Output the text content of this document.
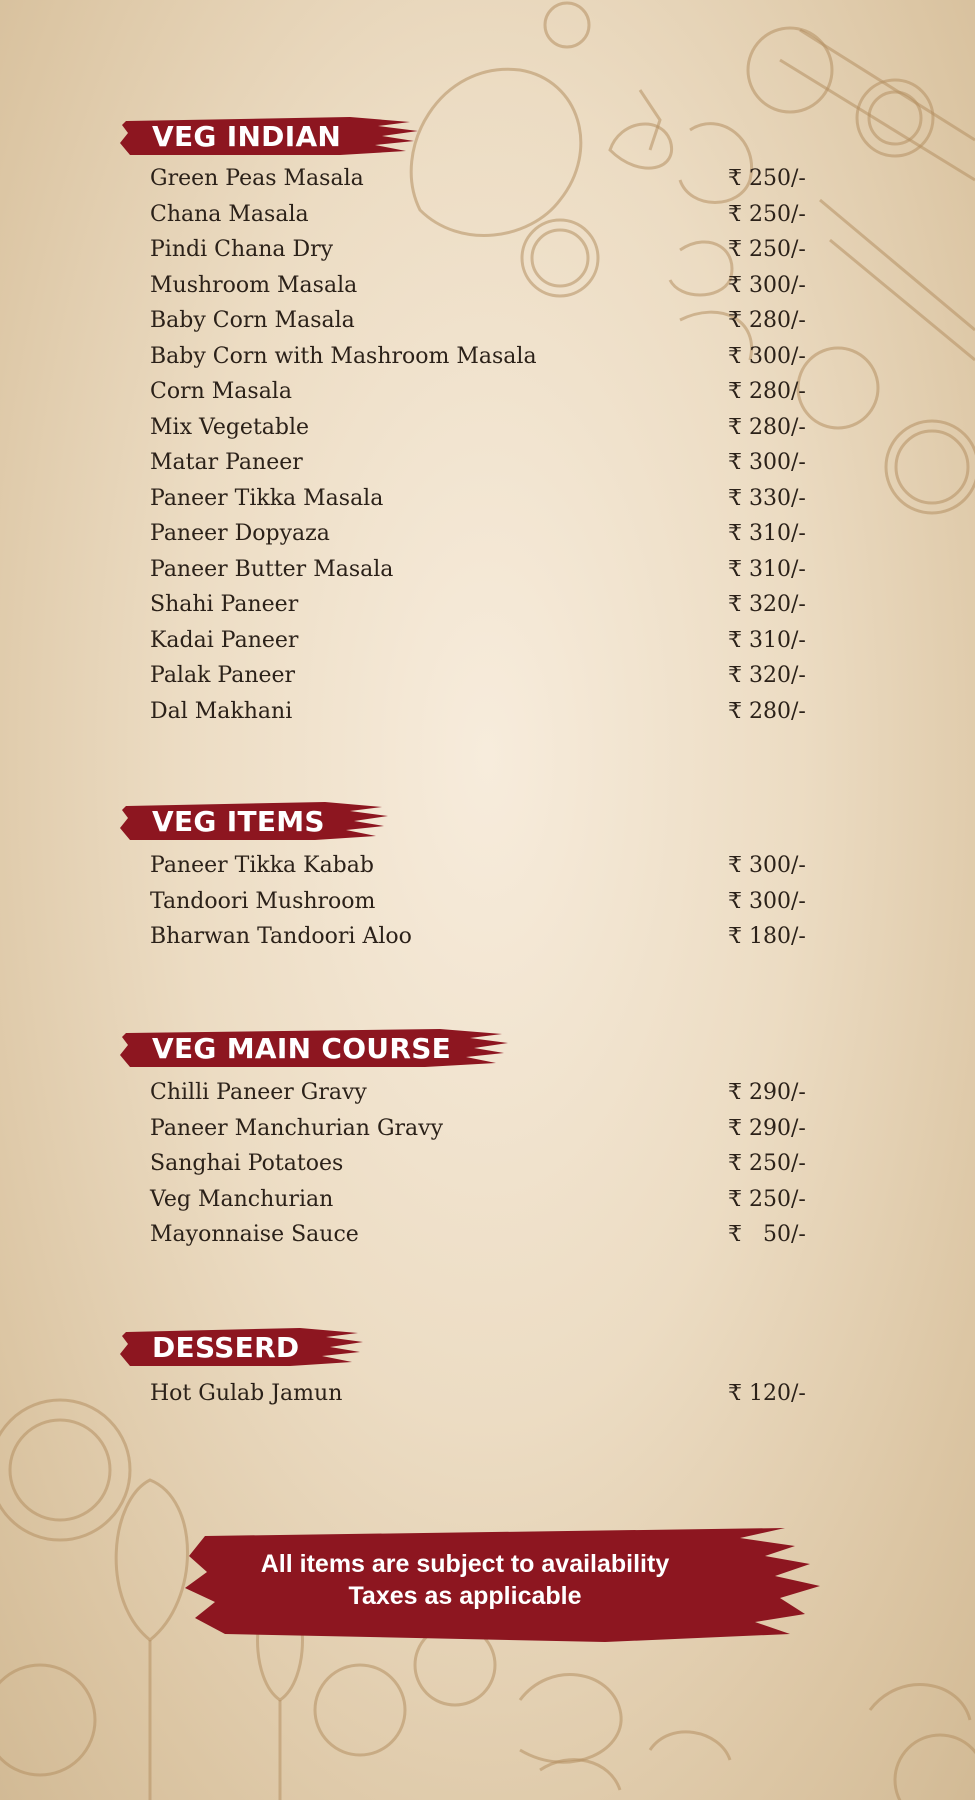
VEG INDIAN
Green Peas Masala	₹ 250/-
Chana Masala	₹ 250/-
Pindi Chana Dry	₹ 250/-
Mushroom Masala	₹ 300/-
Baby Corn Masala	₹ 280/-
Baby Corn with Mashroom Masala	₹ 300/-
Corn Masala	₹ 280/-
Mix Vegetable	₹ 280/-
Matar Paneer	₹ 300/-
Paneer Tikka Masala	₹ 330/-
Paneer Dopyaza	₹ 310/-
Paneer Butter Masala	₹ 310/-
Shahi Paneer	₹ 320/-
Kadai Paneer	₹ 310/-
Palak Paneer	₹ 320/-
Dal Makhani	₹ 280/-
VEG ITEMS
Paneer Tikka Kabab	₹ 300/-
Tandoori Mushroom	₹ 300/-
Bharwan Tandoori Aloo	₹ 180/-
VEG MAIN COURSE
Chilli Paneer Gravy	₹ 290/-
Paneer Manchurian Gravy	₹ 290/-
Sanghai Potatoes	₹ 250/-
Veg Manchurian	₹ 250/-
Mayonnaise Sauce	₹   50/-
DESSERD
Hot Gulab Jamun	₹ 120/-
All items are subject to availability
Taxes as applicable
